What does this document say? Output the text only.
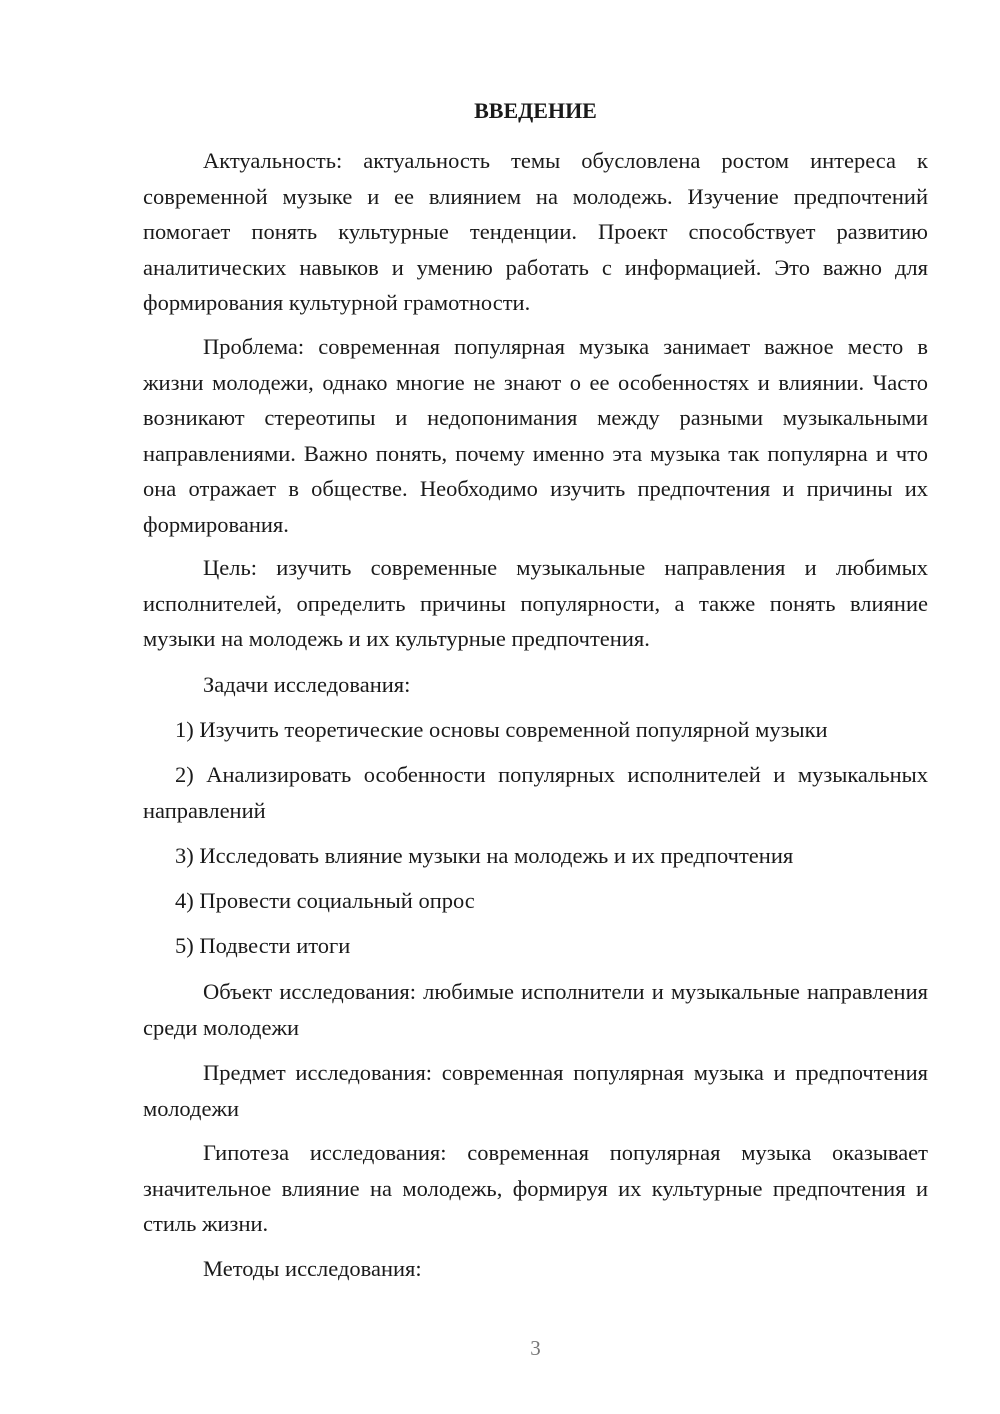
ВВЕДЕНИЕ

Актуальность: актуальность темы обусловлена ростом интереса к современной музыке и ее влиянием на молодежь. Изучение предпочтений помогает понять культурные тенденции. Проект способствует развитию аналитических навыков и умению работать с информацией. Это важно для формирования культурной грамотности.

Проблема: современная популярная музыка занимает важное место в жизни молодежи, однако многие не знают о ее особенностях и влиянии. Часто возникают стереотипы и недопонимания между разными музыкальными направлениями. Важно понять, почему именно эта музыка так популярна и что она отражает в обществе. Необходимо изучить предпочтения и причины их формирования.

Цель: изучить современные музыкальные направления и любимых исполнителей, определить причины популярности, а также понять влияние музыки на молодежь и их культурные предпочтения.

Задачи исследования:

1) Изучить теоретические основы современной популярной музыки

2) Анализировать особенности популярных исполнителей и музыкальных направлений

3) Исследовать влияние музыки на молодежь и их предпочтения

4) Провести социальный опрос

5) Подвести итоги

Объект исследования: любимые исполнители и музыкальные направления среди молодежи

Предмет исследования: современная популярная музыка и предпочтения молодежи

Гипотеза исследования: современная популярная музыка оказывает значительное влияние на молодежь, формируя их культурные предпочтения и стиль жизни.

Методы исследования:

3
